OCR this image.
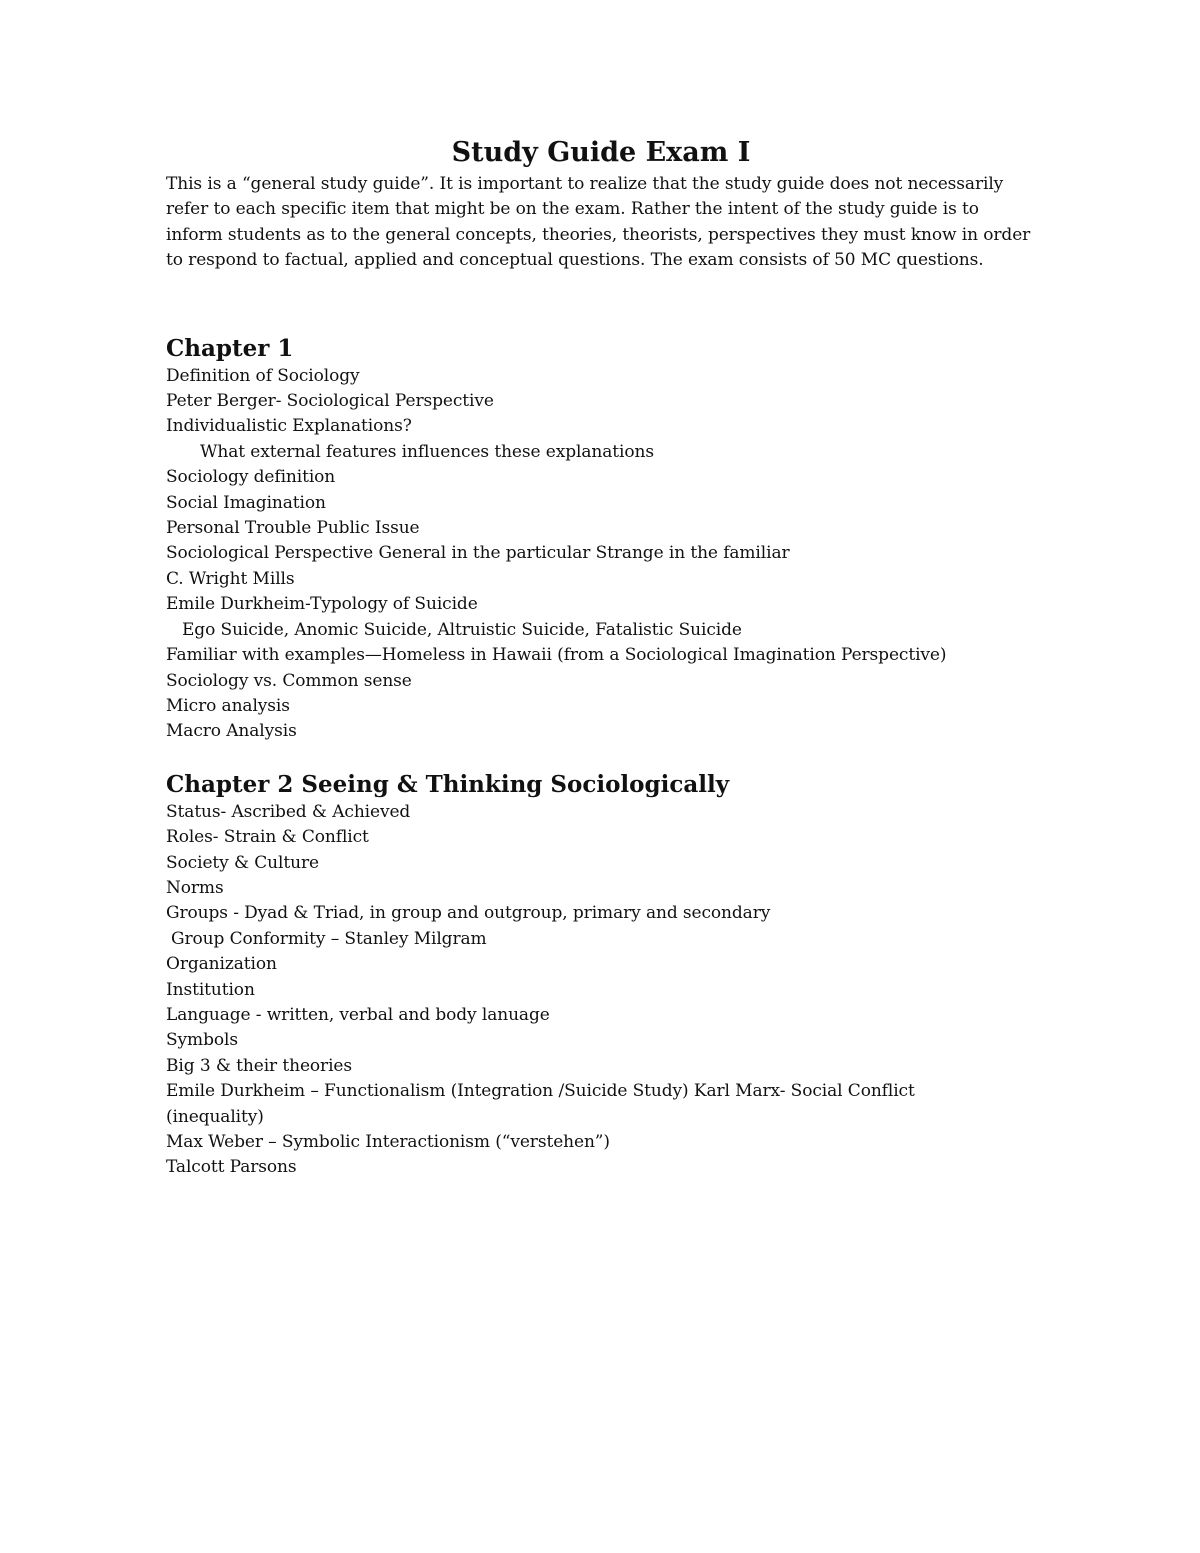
Study Guide Exam I

This is a “general study guide”. It is important to realize that the study guide does not necessarily refer to each specific item that might be on the exam. Rather the intent of the study guide is to inform students as to the general concepts, theories, theorists, perspectives they must know in order to respond to factual, applied and conceptual questions. The exam consists of 50 MC questions.

Chapter 1
Definition of Sociology
Peter Berger- Sociological Perspective
Individualistic Explanations?
What external features influences these explanations
Sociology definition
Social Imagination
Personal Trouble Public Issue
Sociological Perspective General in the particular Strange in the familiar
C. Wright Mills
Emile Durkheim-Typology of Suicide
Ego Suicide, Anomic Suicide, Altruistic Suicide, Fatalistic Suicide
Familiar with examples—Homeless in Hawaii (from a Sociological Imagination Perspective)
Sociology vs. Common sense
Micro analysis
Macro Analysis
Chapter 2 Seeing & Thinking Sociologically
Status- Ascribed & Achieved
Roles- Strain & Conflict
Society & Culture
Norms
Groups - Dyad & Triad, in group and outgroup, primary and secondary
Group Conformity – Stanley Milgram
Organization
Institution
Language - written, verbal and body lanuage
Symbols
Big 3 & their theories
Emile Durkheim – Functionalism (Integration /Suicide Study) Karl Marx- Social Conflict
(inequality)
Max Weber – Symbolic Interactionism (“verstehen”)
Talcott Parsons
